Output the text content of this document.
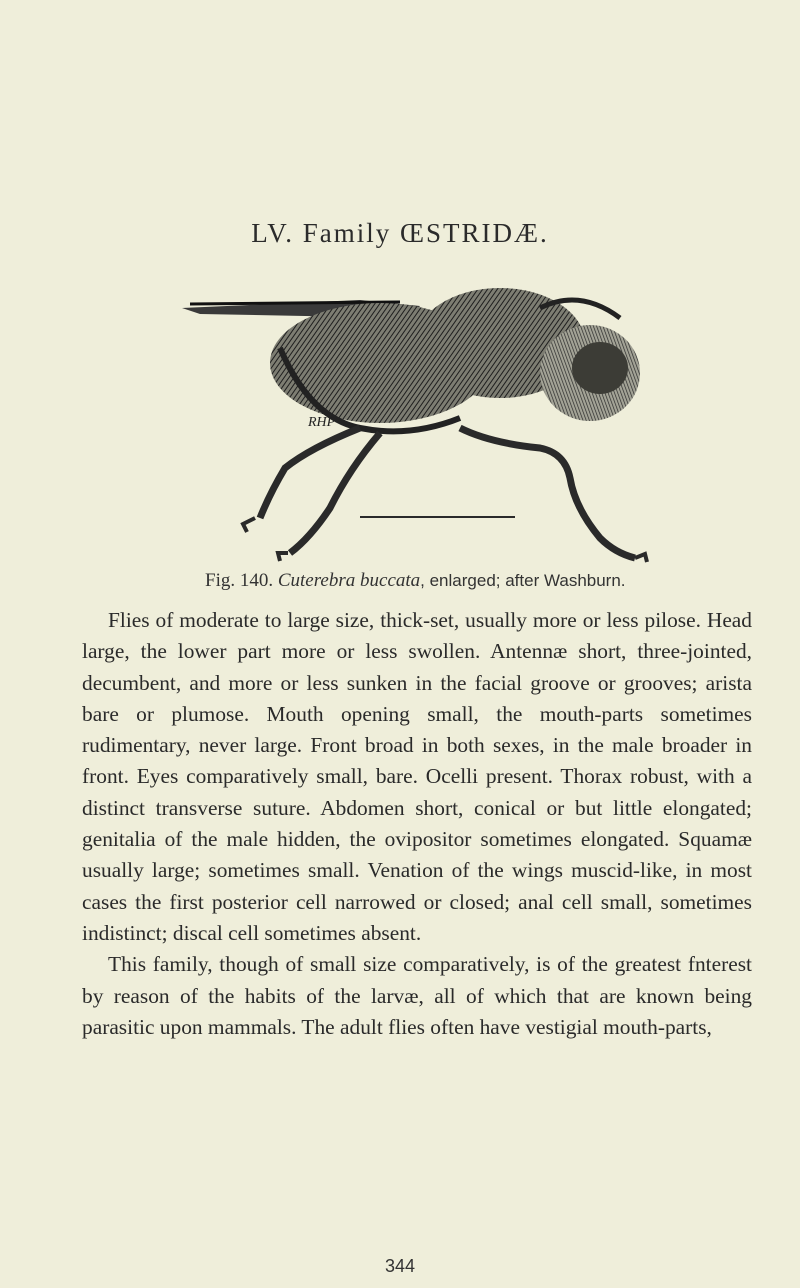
LV. Family ŒSTRIDÆ.
RHP
Fig. 140. Cuterebra buccata, enlarged; after Washburn.

Flies of moderate to large size, thick-set, usually more or less pilose. Head large, the lower part more or less swollen. Antennæ short, three-jointed, decumbent, and more or less sunken in the facial groove or grooves; arista bare or plumose. Mouth opening small, the mouth-parts sometimes rudimentary, never large. Front broad in both sexes, in the male broader in front. Eyes comparatively small, bare. Ocelli present. Thorax robust, with a distinct transverse suture. Abdomen short, conical or but little elongated; genitalia of the male hidden, the ovipositor sometimes elongated. Squamæ usually large; sometimes small. Venation of the wings muscid-like, in most cases the first posterior cell narrowed or closed; anal cell small, sometimes indistinct; discal cell sometimes absent.

This family, though of small size comparatively, is of the greatest fnterest by reason of the habits of the larvæ, all of which that are known being parasitic upon mammals. The adult flies often have vestigial mouth-parts,

344
